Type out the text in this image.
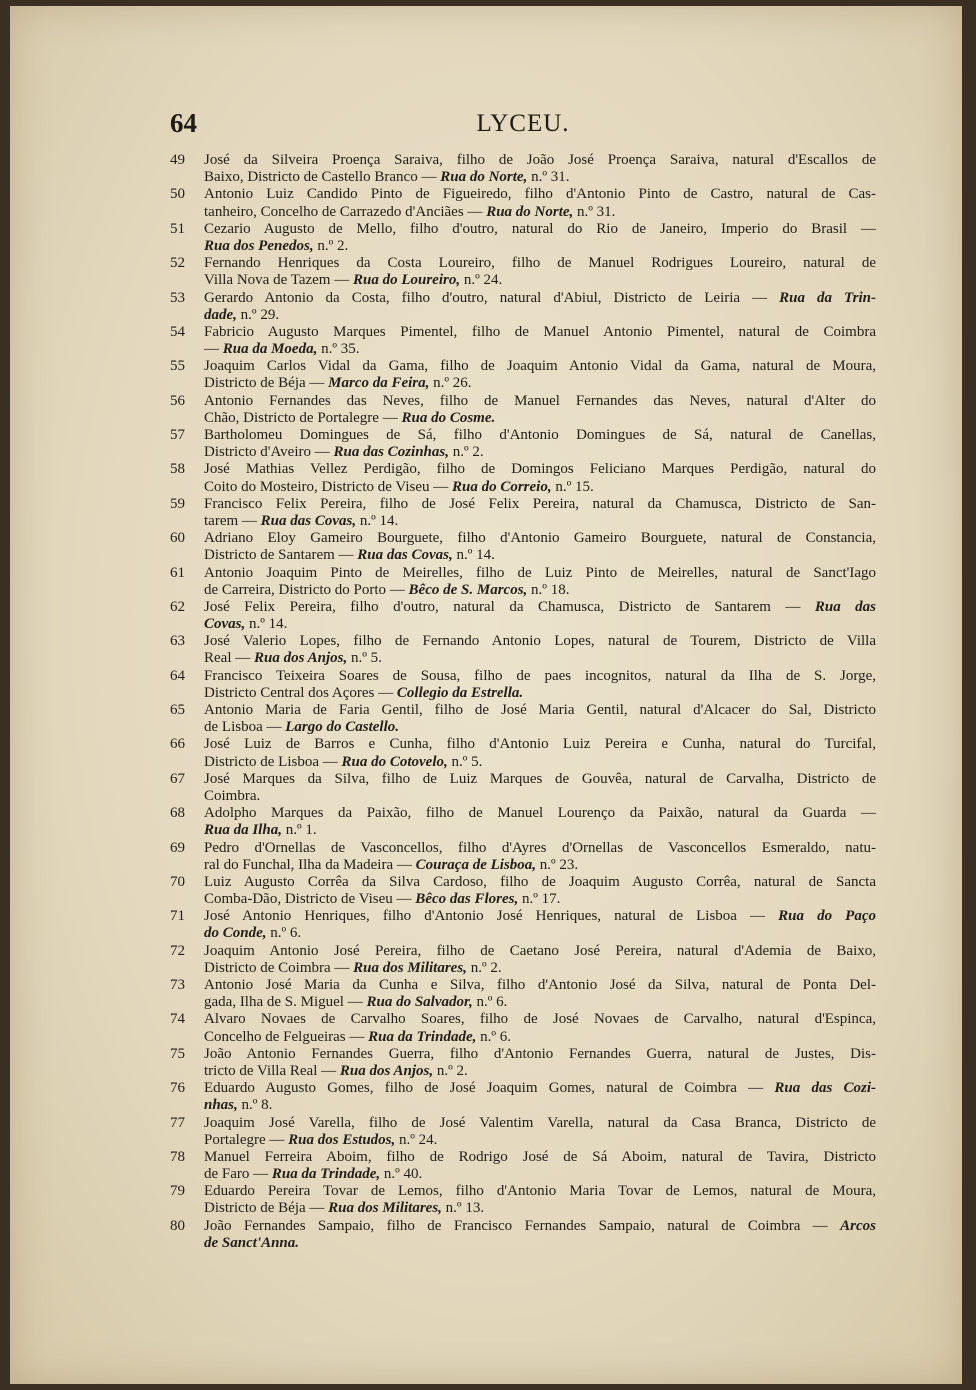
64	LYCEU.
49 José da Silveira Proença Saraiva, filho de João José Proença Saraiva, natural d'Escallos de
Baixo, Districto de Castello Branco — Rua do Norte, n.º 31.
50 Antonio Luiz Candido Pinto de Figueiredo, filho d'Antonio Pinto de Castro, natural de Cas-
tanheiro, Concelho de Carrazedo d'Anciães — Rua do Norte, n.º 31.
51 Cezario Augusto de Mello, filho d'outro, natural do Rio de Janeiro, Imperio do Brasil —
Rua dos Penedos, n.º 2.
52 Fernando Henriques da Costa Loureiro, filho de Manuel Rodrigues Loureiro, natural de
Villa Nova de Tazem — Rua do Loureiro, n.º 24.
53 Gerardo Antonio da Costa, filho d'outro, natural d'Abiul, Districto de Leiria — Rua da Trin-
dade, n.º 29.
54 Fabricio Augusto Marques Pimentel, filho de Manuel Antonio Pimentel, natural de Coimbra
— Rua da Moeda, n.º 35.
55 Joaquim Carlos Vidal da Gama, filho de Joaquim Antonio Vidal da Gama, natural de Moura,
Districto de Béja — Marco da Feira, n.º 26.
56 Antonio Fernandes das Neves, filho de Manuel Fernandes das Neves, natural d'Alter do
Chão, Districto de Portalegre — Rua do Cosme.
57 Bartholomeu Domingues de Sá, filho d'Antonio Domingues de Sá, natural de Canellas,
Districto d'Aveiro — Rua das Cozinhas, n.º 2.
58 José Mathias Vellez Perdigão, filho de Domingos Feliciano Marques Perdigão, natural do
Coito do Mosteiro, Districto de Viseu — Rua do Correio, n.º 15.
59 Francisco Felix Pereira, filho de José Felix Pereira, natural da Chamusca, Districto de San-
tarem — Rua das Covas, n.º 14.
60 Adriano Eloy Gameiro Bourguete, filho d'Antonio Gameiro Bourguete, natural de Constancia,
Districto de Santarem — Rua das Covas, n.º 14.
61 Antonio Joaquim Pinto de Meirelles, filho de Luiz Pinto de Meirelles, natural de Sanct'Iago
de Carreira, Districto do Porto — Bêco de S. Marcos, n.º 18.
62 José Felix Pereira, filho d'outro, natural da Chamusca, Districto de Santarem — Rua das
Covas, n.º 14.
63 José Valerio Lopes, filho de Fernando Antonio Lopes, natural de Tourem, Districto de Villa
Real — Rua dos Anjos, n.º 5.
64 Francisco Teixeira Soares de Sousa, filho de paes incognitos, natural da Ilha de S. Jorge,
Districto Central dos Açores — Collegio da Estrella.
65 Antonio Maria de Faria Gentil, filho de José Maria Gentil, natural d'Alcacer do Sal, Districto
de Lisboa — Largo do Castello.
66 José Luiz de Barros e Cunha, filho d'Antonio Luiz Pereira e Cunha, natural do Turcifal,
Districto de Lisboa — Rua do Cotovelo, n.º 5.
67 José Marques da Silva, filho de Luiz Marques de Gouvêa, natural de Carvalha, Districto de
Coimbra.
68 Adolpho Marques da Paixão, filho de Manuel Lourenço da Paixão, natural da Guarda —
Rua da Ilha, n.º 1.
69 Pedro d'Ornellas de Vasconcellos, filho d'Ayres d'Ornellas de Vasconcellos Esmeraldo, natu-
ral do Funchal, Ilha da Madeira — Couraça de Lisboa, n.º 23.
70 Luiz Augusto Corrêa da Silva Cardoso, filho de Joaquim Augusto Corrêa, natural de Sancta
Comba-Dão, Districto de Viseu — Bêco das Flores, n.º 17.
71 José Antonio Henriques, filho d'Antonio José Henriques, natural de Lisboa — Rua do Paço
do Conde, n.º 6.
72 Joaquim Antonio José Pereira, filho de Caetano José Pereira, natural d'Ademia de Baixo,
Districto de Coimbra — Rua dos Militares, n.º 2.
73 Antonio José Maria da Cunha e Silva, filho d'Antonio José da Silva, natural de Ponta Del-
gada, Ilha de S. Miguel — Rua do Salvador, n.º 6.
74 Alvaro Novaes de Carvalho Soares, filho de José Novaes de Carvalho, natural d'Espinca,
Concelho de Felgueiras — Rua da Trindade, n.º 6.
75 João Antonio Fernandes Guerra, filho d'Antonio Fernandes Guerra, natural de Justes, Dis-
tricto de Villa Real — Rua dos Anjos, n.º 2.
76 Eduardo Augusto Gomes, filho de José Joaquim Gomes, natural de Coimbra — Rua das Cozi-
nhas, n.º 8.
77 Joaquim José Varella, filho de José Valentim Varella, natural da Casa Branca, Districto de
Portalegre — Rua dos Estudos, n.º 24.
78 Manuel Ferreira Aboim, filho de Rodrigo José de Sá Aboim, natural de Tavira, Districto
de Faro — Rua da Trindade, n.º 40.
79 Eduardo Pereira Tovar de Lemos, filho d'Antonio Maria Tovar de Lemos, natural de Moura,
Districto de Béja — Rua dos Militares, n.º 13.
80 João Fernandes Sampaio, filho de Francisco Fernandes Sampaio, natural de Coimbra — Arcos
de Sanct'Anna.
